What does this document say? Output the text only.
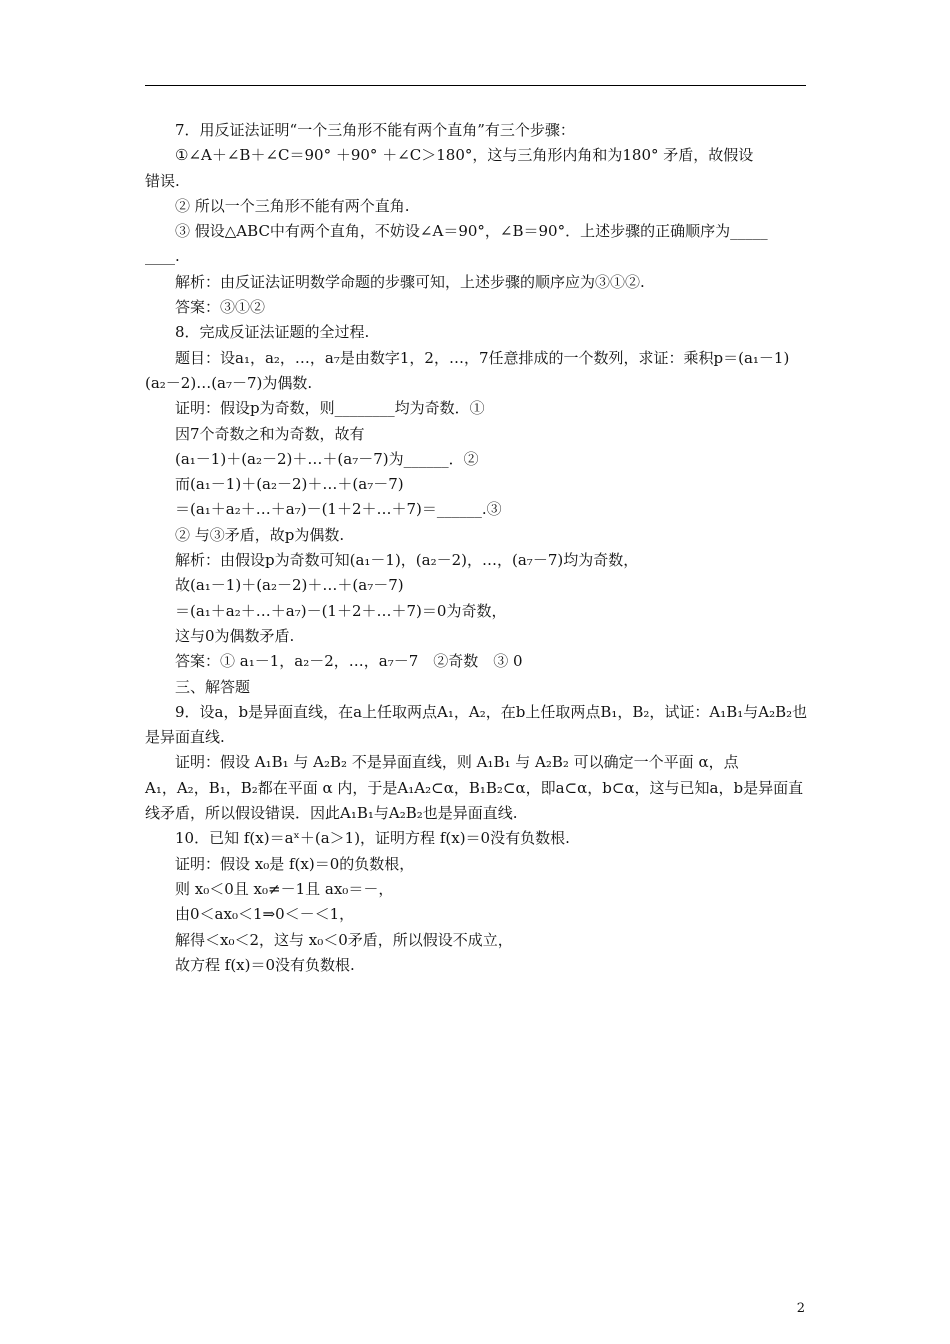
7．用反证法证明“一个三角形不能有两个直角”有三个步骤：

①∠A＋∠B＋∠C＝90° ＋90° ＋∠C＞180°，这与三角形内角和为180° 矛盾，故假设

错误.

② 所以一个三角形不能有两个直角.

③ 假设△ABC中有两个直角，不妨设∠A＝90°，∠B＝90°．上述步骤的正确顺序为_____

____.

解析：由反证法证明数学命题的步骤可知，上述步骤的顺序应为③①②.

答案：③①②

8．完成反证法证题的全过程.

题目：设a₁，a₂，…，a₇是由数字1，2，…，7任意排成的一个数列，求证：乘积p＝(a₁－1)

(a₂－2)…(a₇－7)为偶数.

证明：假设p为奇数，则________均为奇数．①

因7个奇数之和为奇数，故有

(a₁－1)＋(a₂－2)＋…＋(a₇－7)为______．②

而(a₁－1)＋(a₂－2)＋…＋(a₇－7)

＝(a₁＋a₂＋…＋a₇)－(1＋2＋…＋7)＝______.③

② 与③矛盾，故p为偶数.

解析：由假设p为奇数可知(a₁－1)，(a₂－2)，…，(a₇－7)均为奇数，

故(a₁－1)＋(a₂－2)＋…＋(a₇－7)

＝(a₁＋a₂＋…＋a₇)－(1＋2＋…＋7)＝0为奇数，

这与0为偶数矛盾.

答案：① a₁－1，a₂－2，…，a₇－7　②奇数　③ 0

三、解答题

9．设a，b是异面直线，在a上任取两点A₁，A₂，在b上任取两点B₁，B₂，试证：A₁B₁与A₂B₂也

是异面直线.

证明：假设 A₁B₁ 与 A₂B₂ 不是异面直线，则 A₁B₁ 与 A₂B₂ 可以确定一个平面 α，点

A₁，A₂，B₁，B₂都在平面 α 内，于是A₁A₂⊂α，B₁B₂⊂α，即a⊂α，b⊂α，这与已知a，b是异面直

线矛盾，所以假设错误．因此A₁B₁与A₂B₂也是异面直线.

10．已知 f(x)＝aˣ＋(a＞1)，证明方程 f(x)＝0没有负数根.

证明：假设 x₀是 f(x)＝0的负数根，

则 x₀＜0且 x₀≠－1且 ax₀＝－，

由0＜ax₀＜1⇒0＜－＜1，

解得＜x₀＜2，这与 x₀＜0矛盾，所以假设不成立，

故方程 f(x)＝0没有负数根.

2
